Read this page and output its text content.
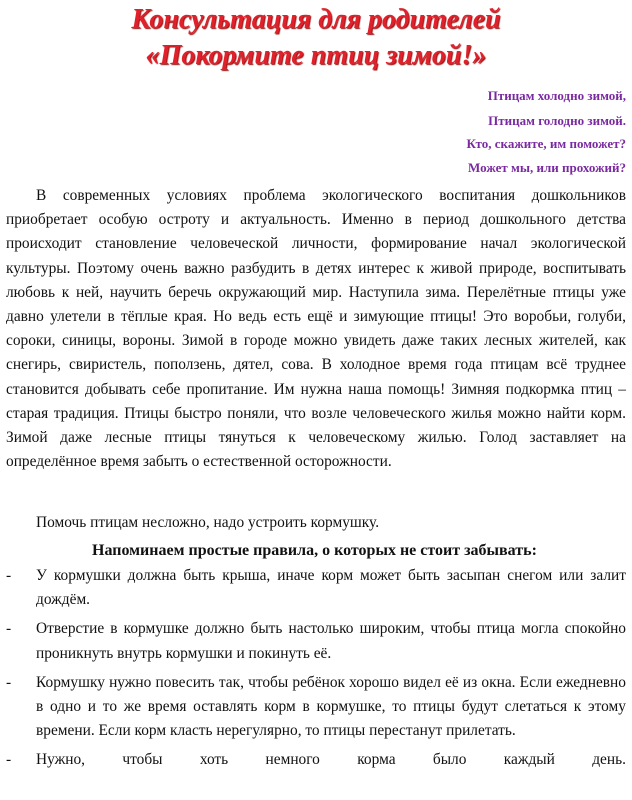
Консультация для родителей
«Покормите птиц зимой!»
Птицам холодно зимой,
Птицам голодно зимой.
Кто, скажите, им поможет?
Может мы, или прохожий?
В современных условиях проблема экологического воспитания дошкольников приобретает особую остроту и актуальность. Именно в период дошкольного детства происходит становление человеческой личности, формирование начал экологической культуры. Поэтому очень важно разбудить в детях интерес к живой природе, воспитывать любовь к ней, научить беречь окружающий мир. Наступила зима. Перелётные птицы уже давно улетели в тёплые края. Но ведь есть ещё и зимующие птицы! Это воробьи, голуби, сороки, синицы, вороны. Зимой в городе можно увидеть даже таких лесных жителей, как снегирь, свиристель, поползень, дятел, сова. В холодное время года птицам всё труднее становится добывать себе пропитание. Им нужна наша помощь! Зимняя подкормка птиц – старая традиция. Птицы быстро поняли, что возле человеческого жилья можно найти корм. Зимой даже лесные птицы тянуться к человеческому жилью. Голод заставляет на определённое время забыть о естественной осторожности.
Помочь птицам несложно, надо устроить кормушку.
Напоминаем простые правила, о которых не стоит забывать:
- У кормушки должна быть крыша, иначе корм может быть засыпан снегом или залит дождём.
- Отверстие в кормушке должно быть настолько широким, чтобы птица могла спокойно проникнуть внутрь кормушки и покинуть её.
- Кормушку нужно повесить так, чтобы ребёнок хорошо видел её из окна. Если ежедневно в одно и то же время оставлять корм в кормушке, то птицы будут слетаться к этому времени. Если корм класть нерегулярно, то птицы перестанут прилетать.
- Нужно, чтобы хоть немного корма было каждый день.
